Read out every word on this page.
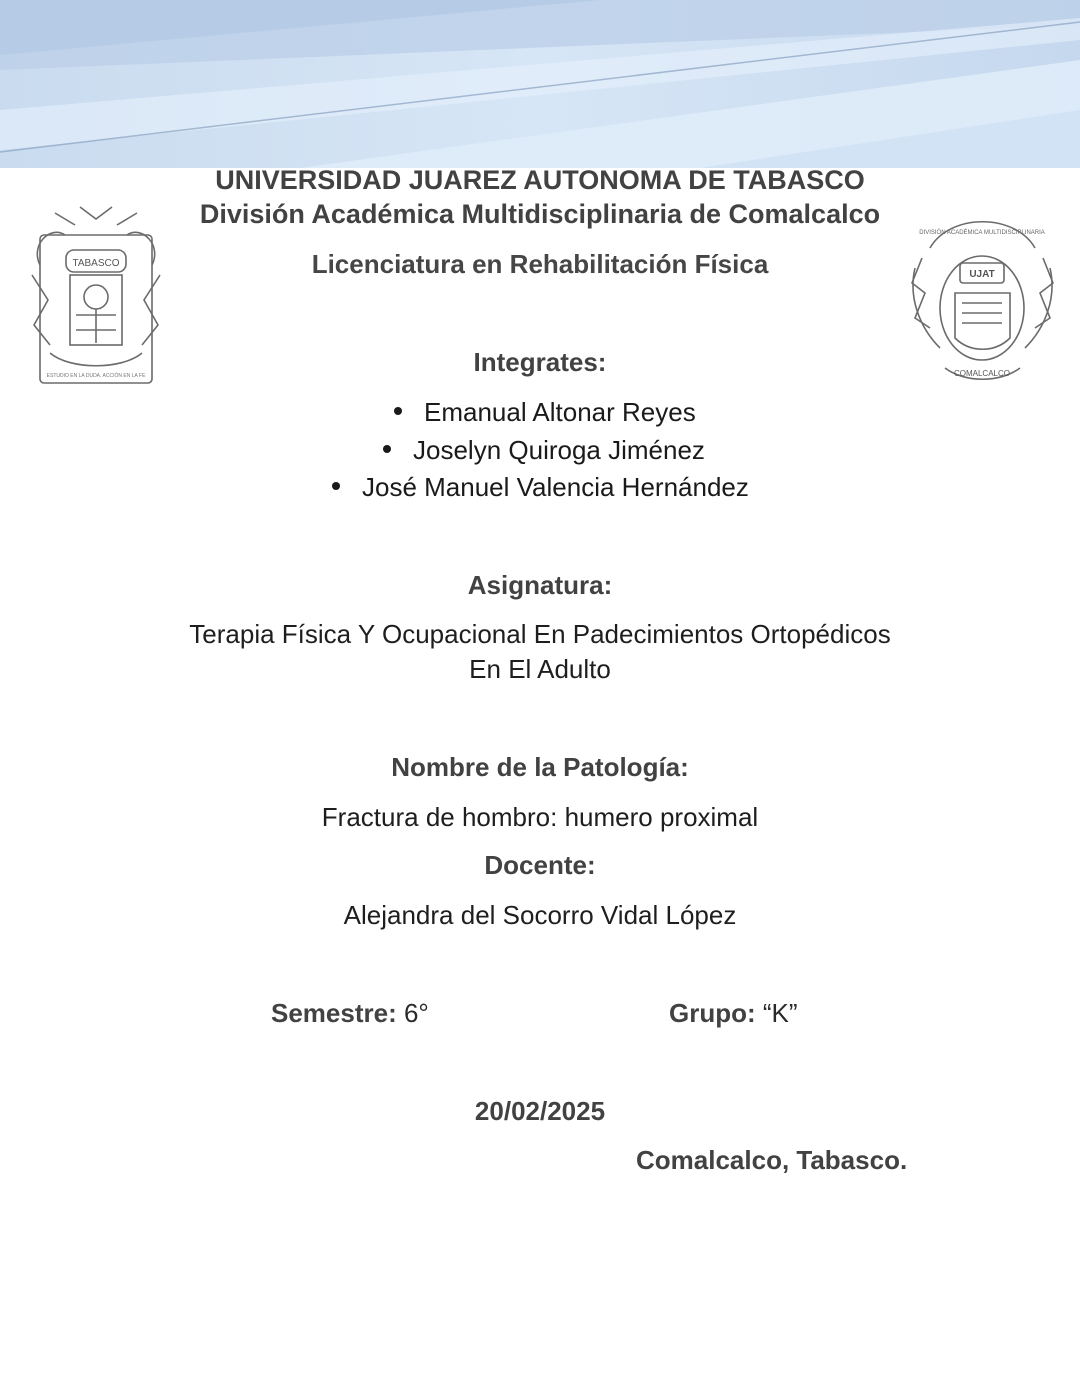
UNIVERSIDAD JUAREZ AUTONOMA DE TABASCO

División Académica Multidisciplinaria de Comalcalco

Licenciatura en Rehabilitación Física

TABASCO
ESTUDIO EN LA DUDA. ACCIÓN EN LA FE
DIVISIÓN ACADÉMICA MULTIDISCIPLINARIA
UJAT
COMALCALCO

Integrates:

Emanual Altonar Reyes
Joselyn Quiroga Jiménez
José Manuel Valencia Hernández

Asignatura:

Terapia Física Y Ocupacional En Padecimientos Ortopédicos

En El Adulto

Nombre de la Patología:

Fractura de hombro: humero proximal

Docente:

Alejandra del Socorro Vidal López

Semestre: 6°	Grupo: “K”

20/02/2025

Comalcalco, Tabasco.
